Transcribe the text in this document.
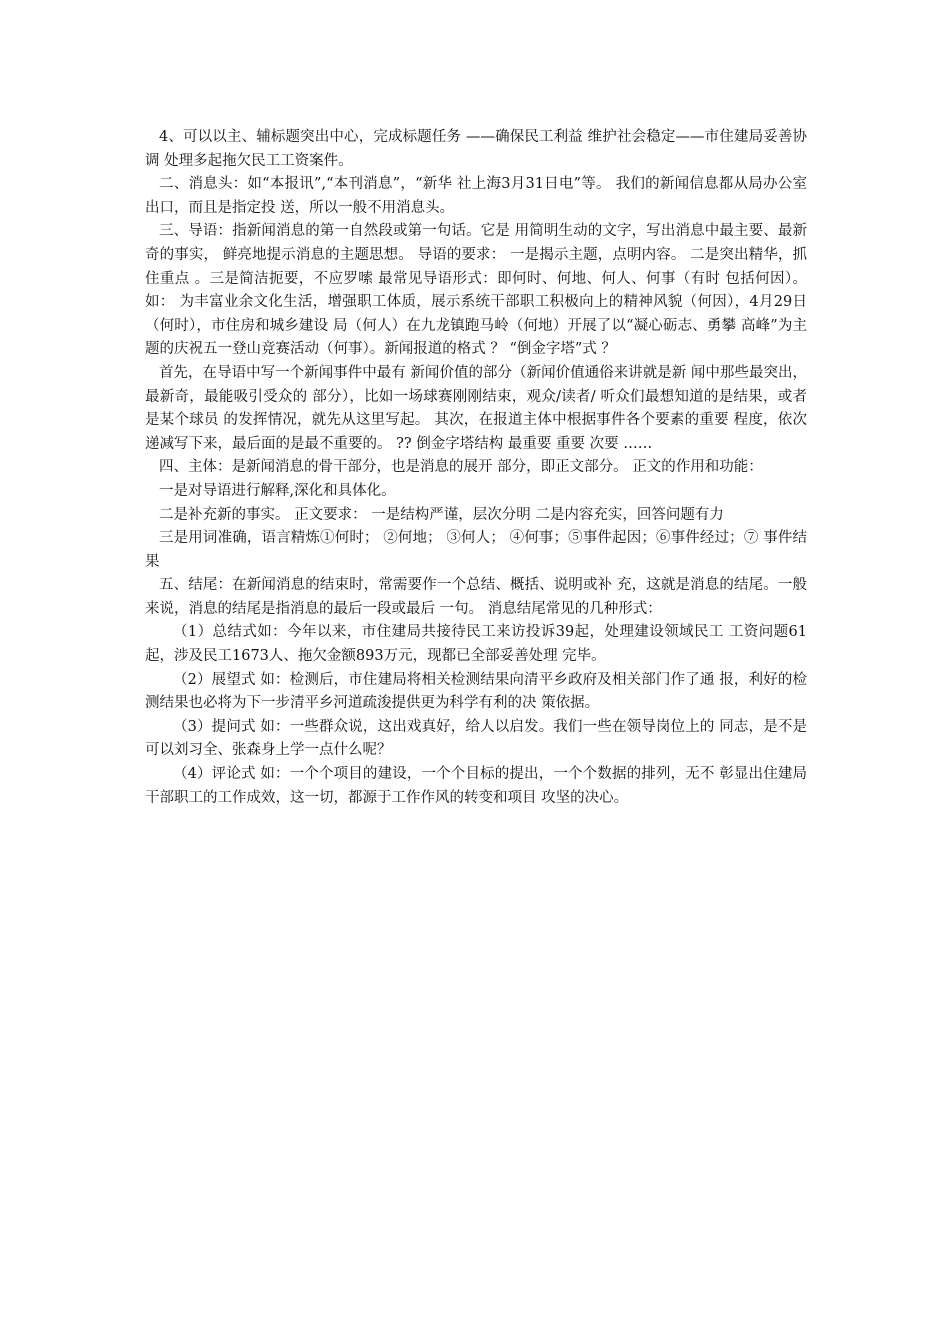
4、可以以主、辅标题突出中心，完成标题任务 ——确保民工利益 维护社会稳定——市住建局妥善协调 处理多起拖欠民工工资案件。

二、消息头：如“本报讯”,“本刊消息”，“新华 社上海3月31日电”等。 我们的新闻信息都从局办公室出口，而且是指定投 送，所以一般不用消息头。

三、导语：指新闻消息的第一自然段或第一句话。它是 用简明生动的文字，写出消息中最主要、最新奇的事实， 鲜亮地提示消息的主题思想。 导语的要求： 一是揭示主题，点明内容。 二是突出精华，抓住重点 。三是简洁扼要，不应罗嗦 最常见导语形式：即何时、何地、何人、何事（有时 包括何因）。如： 为丰富业余文化生活，增强职工体质，展示系统干部职工积极向上的精神风貌（何因），4月29日（何时），市住房和城乡建设 局（何人）在九龙镇跑马岭（何地）开展了以“凝心砺志、勇攀 高峰”为主题的庆祝五一登山竞赛活动（何事）。新闻报道的格式 ？ “倒金字塔”式 ？

首先，在导语中写一个新闻事件中最有 新闻价值的部分（新闻价值通俗来讲就是新 闻中那些最突出，最新奇，最能吸引受众的 部分），比如一场球赛刚刚结束，观众/读者/ 听众们最想知道的是结果，或者是某个球员 的发挥情况，就先从这里写起。 其次，在报道主体中根据事件各个要素的重要 程度，依次递减写下来，最后面的是最不重要的。 ?? 倒金字塔结构 最重要 重要 次要 ……

四、主体：是新闻消息的骨干部分，也是消息的展开 部分，即正文部分。 正文的作用和功能：

一是对导语进行解释,深化和具体化。

二是补充新的事实。 正文要求： 一是结构严谨，层次分明 二是内容充实，回答问题有力

三是用词准确，语言精炼①何时； ②何地； ③何人； ④何事；⑤事件起因；⑥事件经过；⑦ 事件结果

五、结尾：在新闻消息的结束时，常需要作一个总结、概括、说明或补 充，这就是消息的结尾。一般来说，消息的结尾是指消息的最后一段或最后 一句。 消息结尾常见的几种形式：

（1）总结式如：今年以来，市住建局共接待民工来访投诉39起，处理建设领域民工 工资问题61起，涉及民工1673人、拖欠金额893万元，现都已全部妥善处理 完毕。

（2）展望式 如：检测后，市住建局将相关检测结果向清平乡政府及相关部门作了通 报，利好的检测结果也必将为下一步清平乡河道疏浚提供更为科学有利的决 策依据。

（3）提问式 如：一些群众说，这出戏真好，给人以启发。我们一些在领导岗位上的 同志，是不是可以刘习全、张森身上学一点什么呢？

（4）评论式 如：一个个项目的建设，一个个目标的提出，一个个数据的排列，无不 彰显出住建局干部职工的工作成效，这一切，都源于工作作风的转变和项目 攻坚的决心。
